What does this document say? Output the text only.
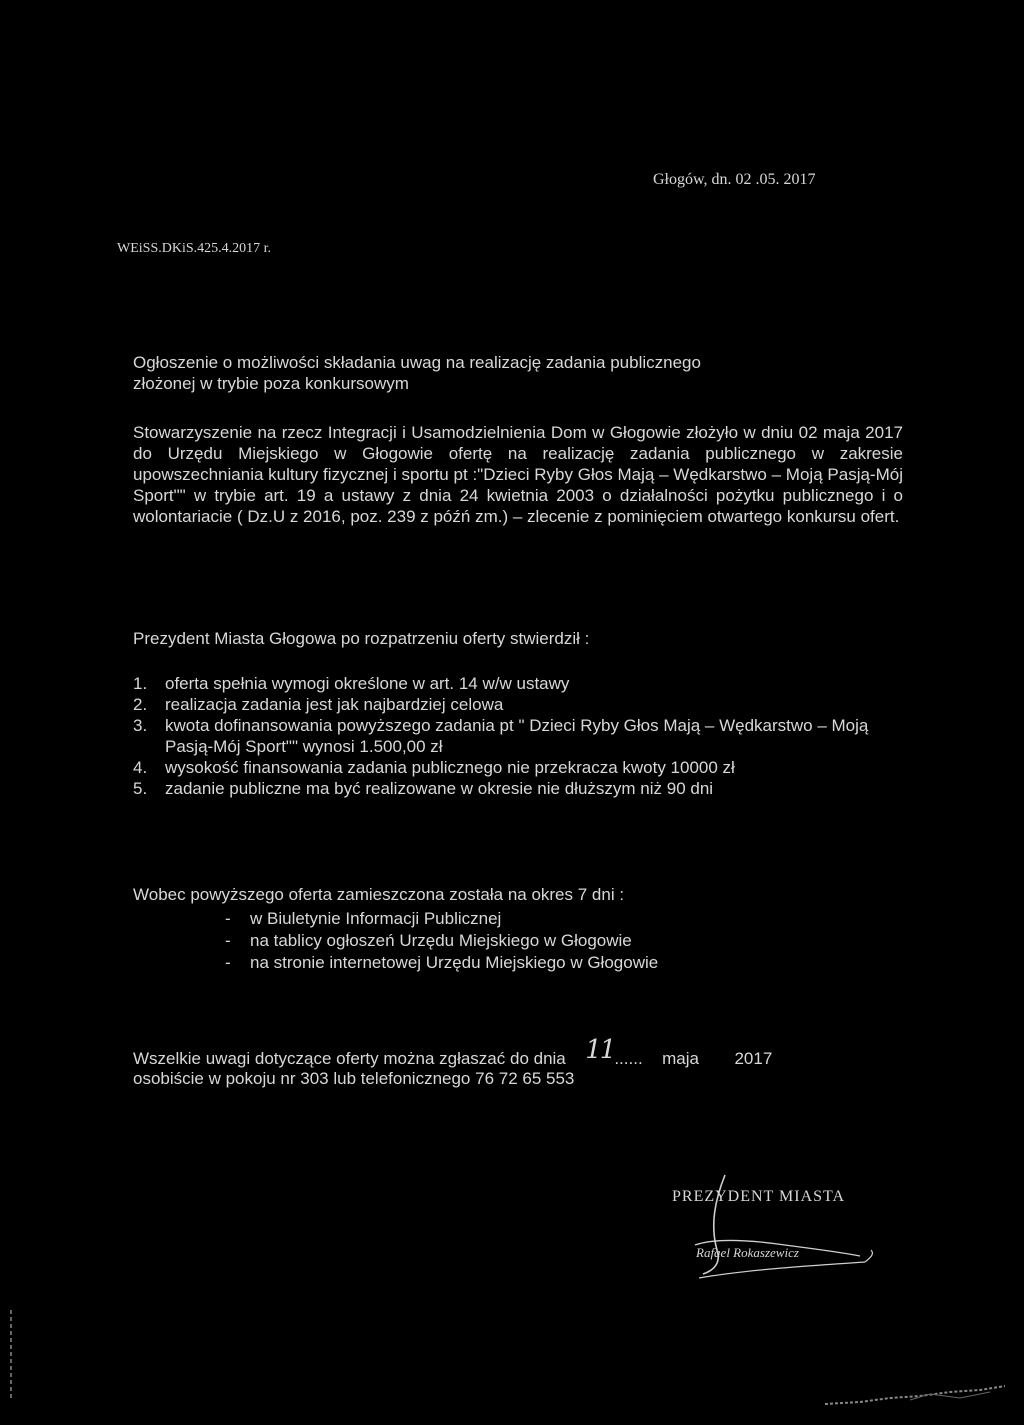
Głogów, dn. 02 .05. 2017
WEiSS.DKiS.425.4.2017 r.
Ogłoszenie o możliwości składania uwag na realizację zadania publicznego
złożonej w trybie poza konkursowym
Stowarzyszenie na rzecz Integracji i Usamodzielnienia Dom w Głogowie złożyło w dniu 02 maja 2017 do Urzędu Miejskiego w Głogowie ofertę na realizację zadania publicznego w zakresie upowszechniania kultury fizycznej i sportu pt :"Dzieci Ryby Głos Mają – Wędkarstwo – Moją Pasją-Mój Sport"" w trybie art. 19 a ustawy z dnia 24 kwietnia 2003 o działalności pożytku publicznego i o wolontariacie ( Dz.U z 2016, poz. 239 z późń zm.) – zlecenie z pominięciem otwartego konkursu ofert.
Prezydent Miasta Głogowa po rozpatrzeniu oferty stwierdził :
1. oferta spełnia wymogi określone w art. 14 w/w ustawy
2. realizacja zadania jest jak najbardziej celowa
3. kwota dofinansowania powyższego zadania pt " Dzieci Ryby Głos Mają – Wędkarstwo – Moją Pasją-Mój Sport"" wynosi 1.500,00 zł
4. wysokość finansowania zadania publicznego nie przekracza kwoty 10000 zł
5. zadanie publiczne ma być realizowane w okresie nie dłuższym niż 90 dni
Wobec powyższego oferta zamieszczona została na okres 7 dni :
- w Biuletynie Informacji Publicznej
- na tablicy ogłoszeń Urzędu Miejskiego w Głogowie
- na stronie internetowej Urzędu Miejskiego w Głogowie
Wszelkie uwagi dotyczące oferty można zgłaszać do dnia 11...... maja 2017
osobiście w pokoju nr 303 lub telefonicznego 76 72 65 553
PREZYDENT MIASTA
Rafael Rokaszewicz
